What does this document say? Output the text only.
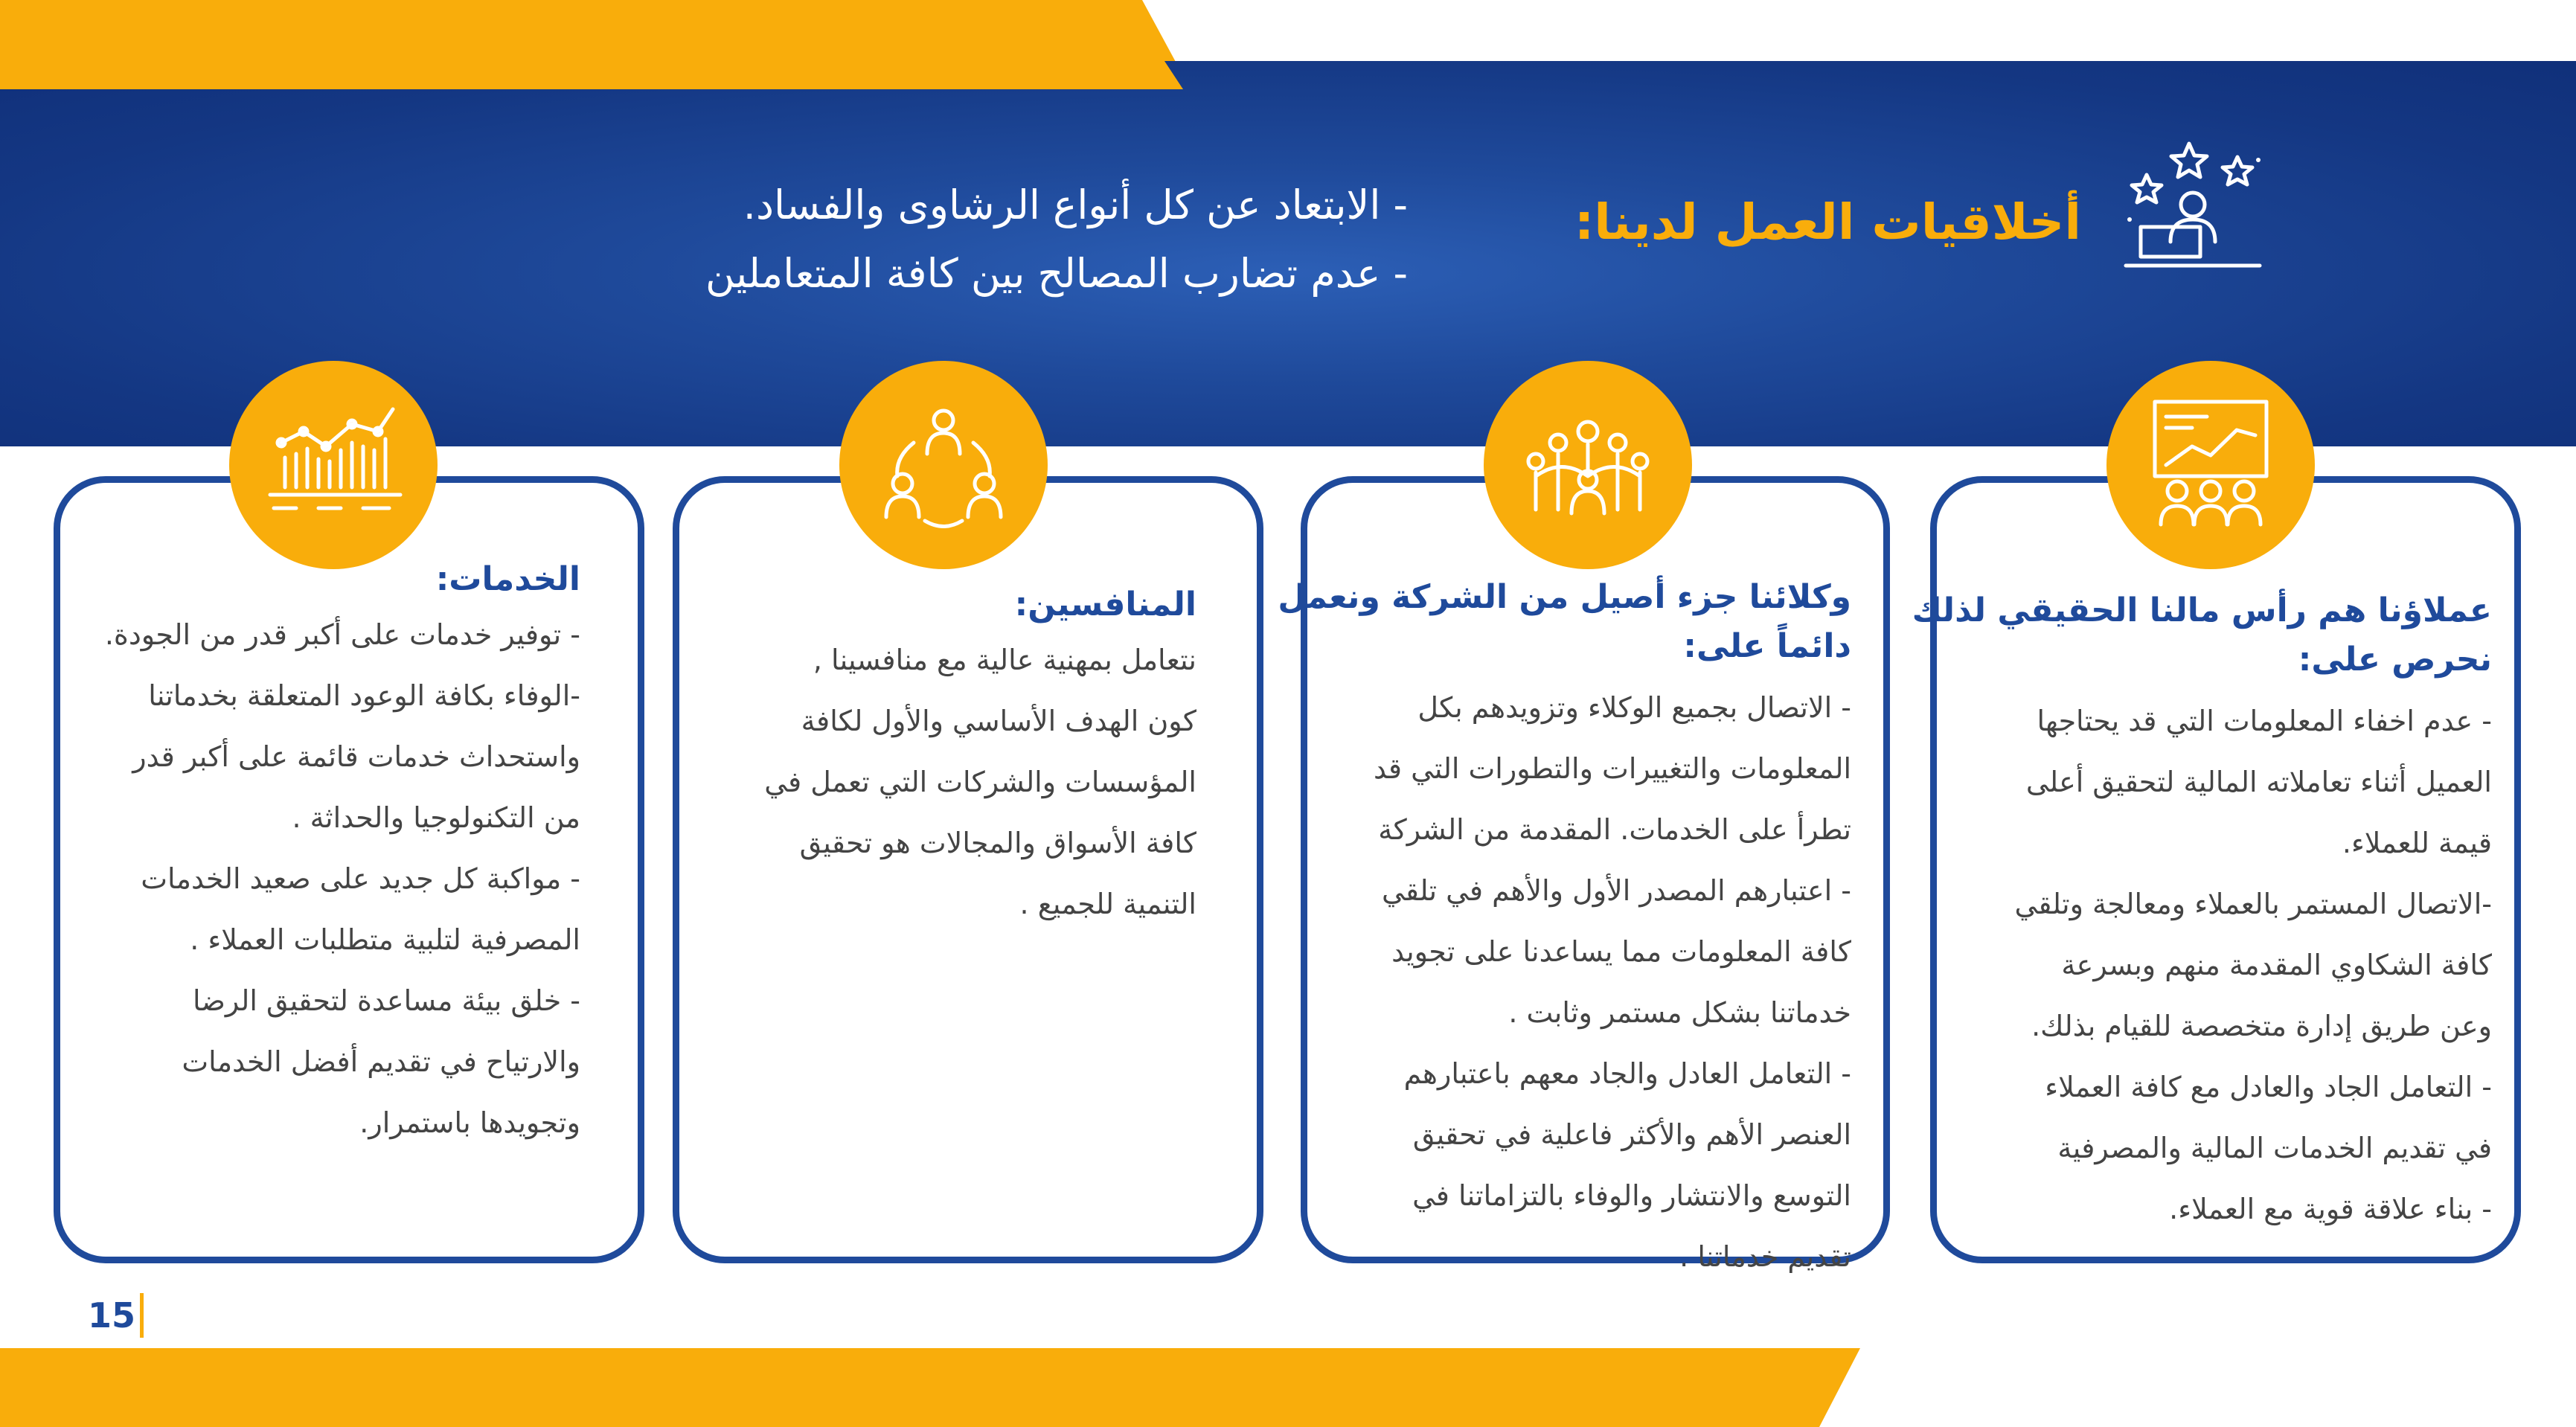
أخلاقيات العمل لدينا:
- الابتعاد عن كل أنواع الرشاوى والفساد.
- عدم تضارب المصالح بين كافة المتعاملين
عملاؤنا هم رأس مالنا الحقيقي لذلك
نحرص على:
- عدم اخفاء المعلومات التي قد يحتاجها
العميل أثناء تعاملاته المالية لتحقيق أعلى
قيمة للعملاء.
-الاتصال المستمر بالعملاء ومعالجة وتلقي
كافة الشكاوي المقدمة منهم وبسرعة
وعن طريق إدارة متخصصة للقيام بذلك.
- التعامل الجاد والعادل مع كافة العملاء
في تقديم الخدمات المالية والمصرفية
- بناء علاقة قوية مع العملاء.
وكلائنا جزء أصيل من الشركة ونعمل
دائماً على:
- الاتصال بجميع الوكلاء وتزويدهم بكل
المعلومات والتغييرات والتطورات التي قد
تطرأ على الخدمات. المقدمة من الشركة
- اعتبارهم المصدر الأول والأهم في تلقي
كافة المعلومات مما يساعدنا على تجويد
خدماتنا بشكل مستمر وثابت .
- التعامل العادل والجاد معهم باعتبارهم
العنصر الأهم والأكثر فاعلية في تحقيق
التوسع والانتشار والوفاء بالتزاماتنا في
تقديم خدماتنا .
المنافسين:
نتعامل بمهنية عالية مع منافسينا ,
كون الهدف الأساسي والأول لكافة
المؤسسات والشركات التي تعمل في
كافة الأسواق والمجالات هو تحقيق
التنمية للجميع .
الخدمات:
- توفير خدمات على أكبر قدر من الجودة.
-الوفاء بكافة الوعود المتعلقة بخدماتنا
واستحداث خدمات قائمة على أكبر قدر
من التكنولوجيا والحداثة .
- مواكبة كل جديد على صعيد الخدمات
المصرفية لتلبية متطلبات العملاء .
- خلق بيئة مساعدة لتحقيق الرضا
والارتياح في تقديم أفضل الخدمات
وتجويدها باستمرار.
15
